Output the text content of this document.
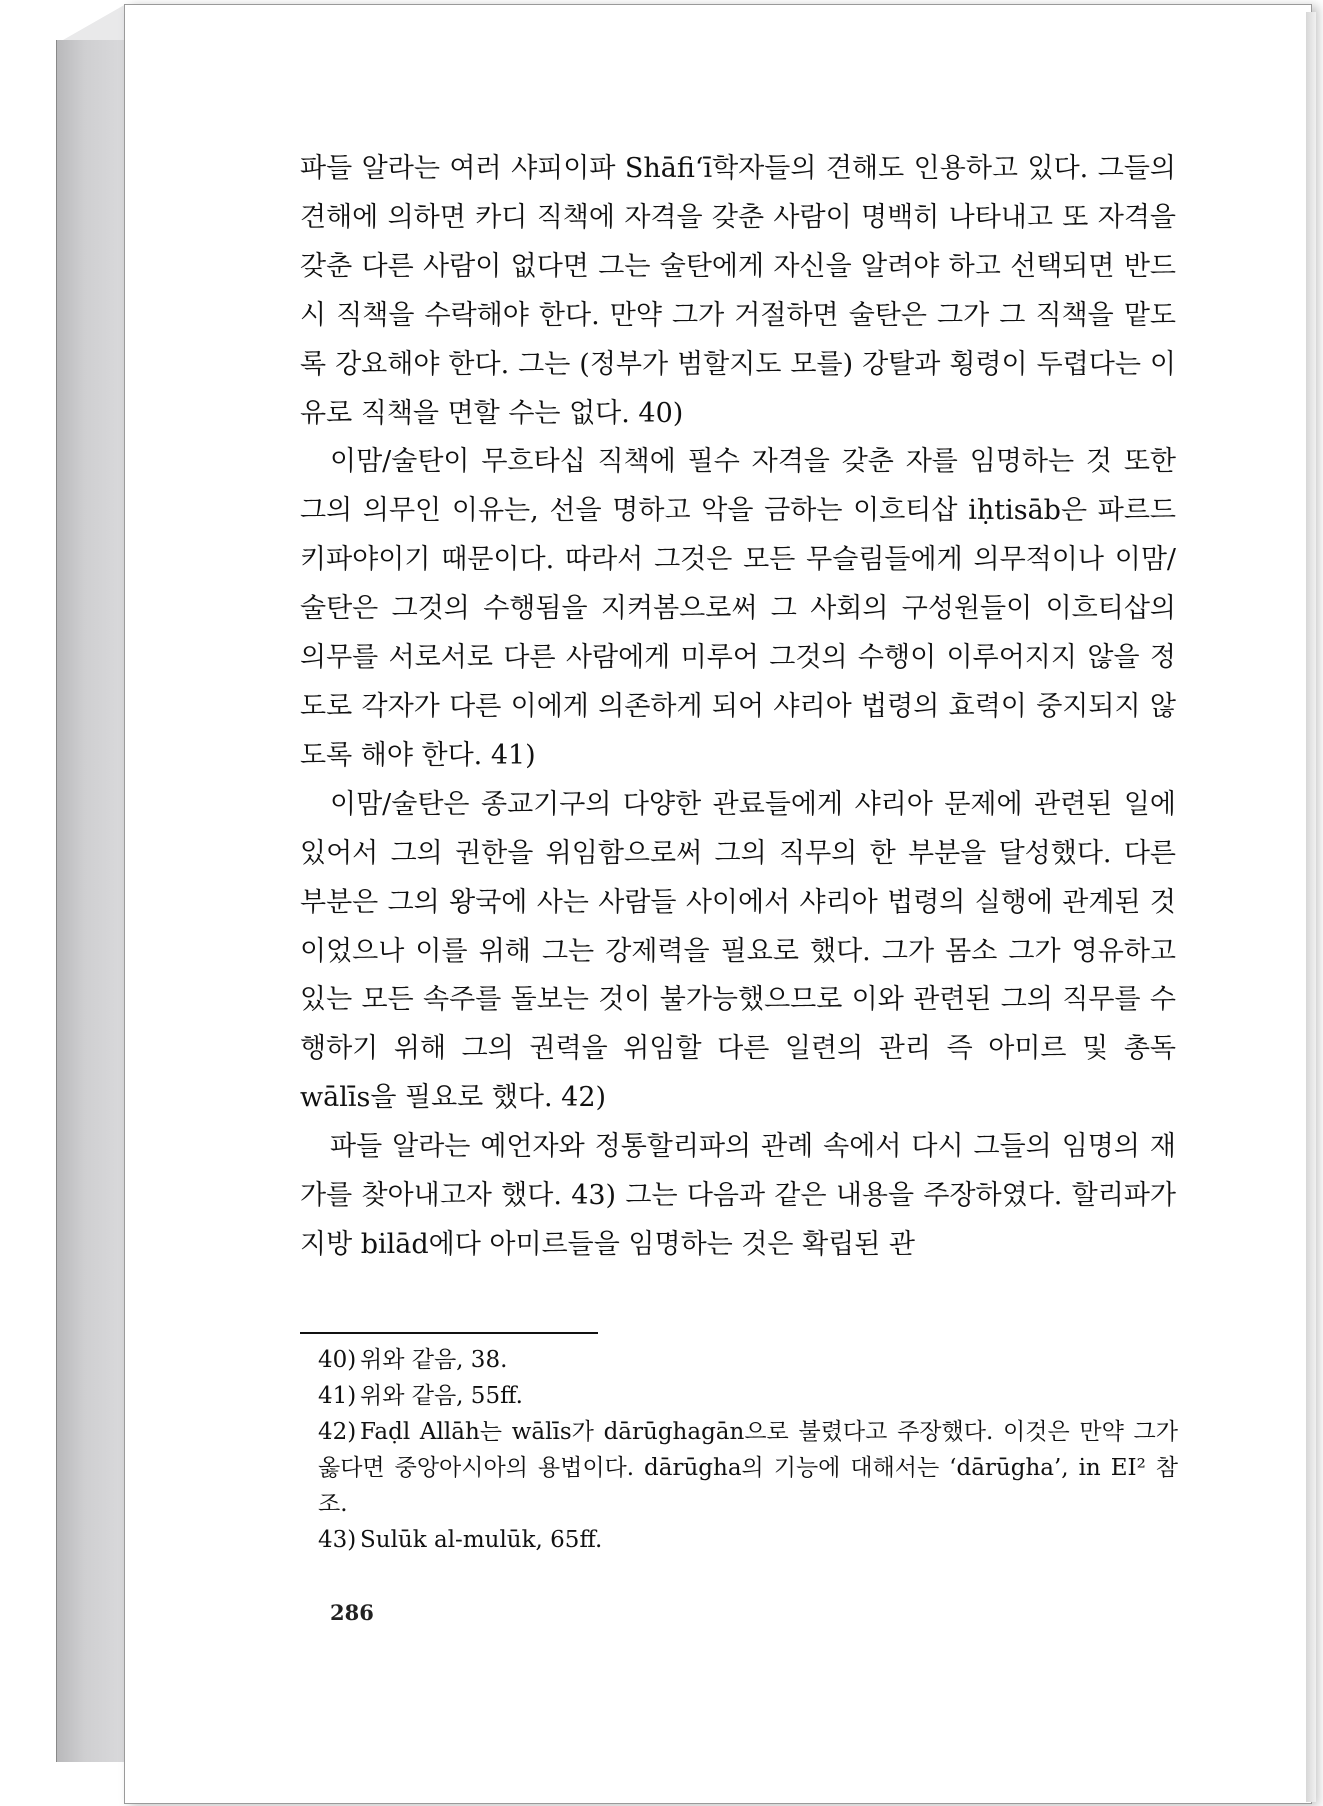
파들 알라는 여러 샤피이파 Shāfiʻī학자들의 견해도 인용하고 있다. 그들의 견해에 의하면 카디 직책에 자격을 갖춘 사람이 명백히 나타내고 또 자격을 갖춘 다른 사람이 없다면 그는 술탄에게 자신을 알려야 하고 선택되면 반드시 직책을 수락해야 한다. 만약 그가 거절하면 술탄은 그가 그 직책을 맡도록 강요해야 한다. 그는 (정부가 범할지도 모를) 강탈과 횡령이 두렵다는 이유로 직책을 면할 수는 없다. 40)

이맘/술탄이 무흐타십 직책에 필수 자격을 갖춘 자를 임명하는 것 또한 그의 의무인 이유는, 선을 명하고 악을 금하는 이흐티삽 iḥtisāb은 파르드 키파야이기 때문이다. 따라서 그것은 모든 무슬림들에게 의무적이나 이맘/술탄은 그것의 수행됨을 지켜봄으로써 그 사회의 구성원들이 이흐티삽의 의무를 서로서로 다른 사람에게 미루어 그것의 수행이 이루어지지 않을 정도로 각자가 다른 이에게 의존하게 되어 샤리아 법령의 효력이 중지되지 않도록 해야 한다. 41)

이맘/술탄은 종교기구의 다양한 관료들에게 샤리아 문제에 관련된 일에 있어서 그의 권한을 위임함으로써 그의 직무의 한 부분을 달성했다. 다른 부분은 그의 왕국에 사는 사람들 사이에서 샤리아 법령의 실행에 관계된 것이었으나 이를 위해 그는 강제력을 필요로 했다. 그가 몸소 그가 영유하고 있는 모든 속주를 돌보는 것이 불가능했으므로 이와 관련된 그의 직무를 수행하기 위해 그의 권력을 위임할 다른 일련의 관리 즉 아미르 및 총독 wālīs을 필요로 했다. 42)

파들 알라는 예언자와 정통할리파의 관례 속에서 다시 그들의 임명의 재가를 찾아내고자 했다. 43) 그는 다음과 같은 내용을 주장하였다. 할리파가 지방 bilād에다 아미르들을 임명하는 것은 확립된 관

40) 위와 같음, 38.
41) 위와 같음, 55ff.
42) Faḍl Allāh는 wālīs가 dārūghagān으로 불렸다고 주장했다. 이것은 만약 그가 옳다면 중앙아시아의 용법이다. dārūgha의 기능에 대해서는 ‘dārūgha’, in EI² 참조.
43) Sulūk al-mulūk, 65ff.
286
